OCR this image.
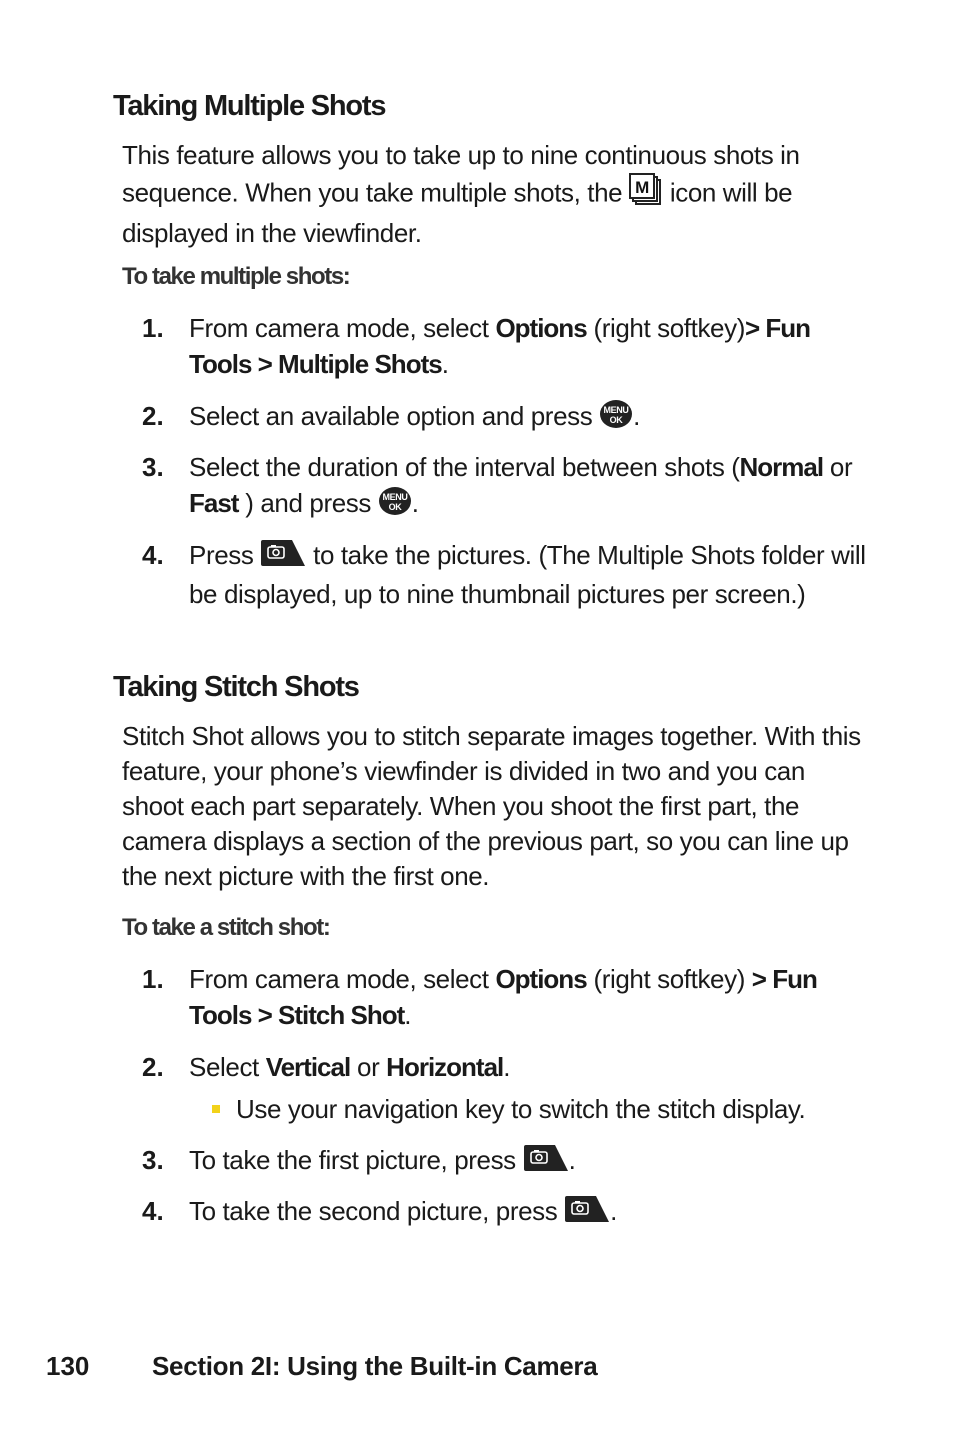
Taking Multiple Shots

This feature allows you to take up to nine continuous shots in sequence. When you take multiple shots, the M icon will be displayed in the viewfinder.

To take multiple shots:

1. From camera mode, select Options (right softkey)> Fun Tools > Multiple Shots.
2. Select an available option and press MENU
OK .
3. Select the duration of the interval between shots (Normal or Fast ) and press MENU
OK .
4. Press  to take the pictures. (The Multiple Shots folder will be displayed, up to nine thumbnail pictures per screen.)
Taking Stitch Shots

Stitch Shot allows you to stitch separate images together. With this feature, your phone’s viewfinder is divided in two and you can shoot each part separately. When you shoot the first part, the camera displays a section of the previous part, so you can line up the next picture with the first one.

To take a stitch shot:

1. From camera mode, select Options (right softkey) > Fun Tools > Stitch Shot.
2. Select Vertical or Horizontal.
Use your navigation key to switch the stitch display.
3. To take the first picture, press .
4. To take the second picture, press .
130 Section 2I: Using the Built-in Camera
